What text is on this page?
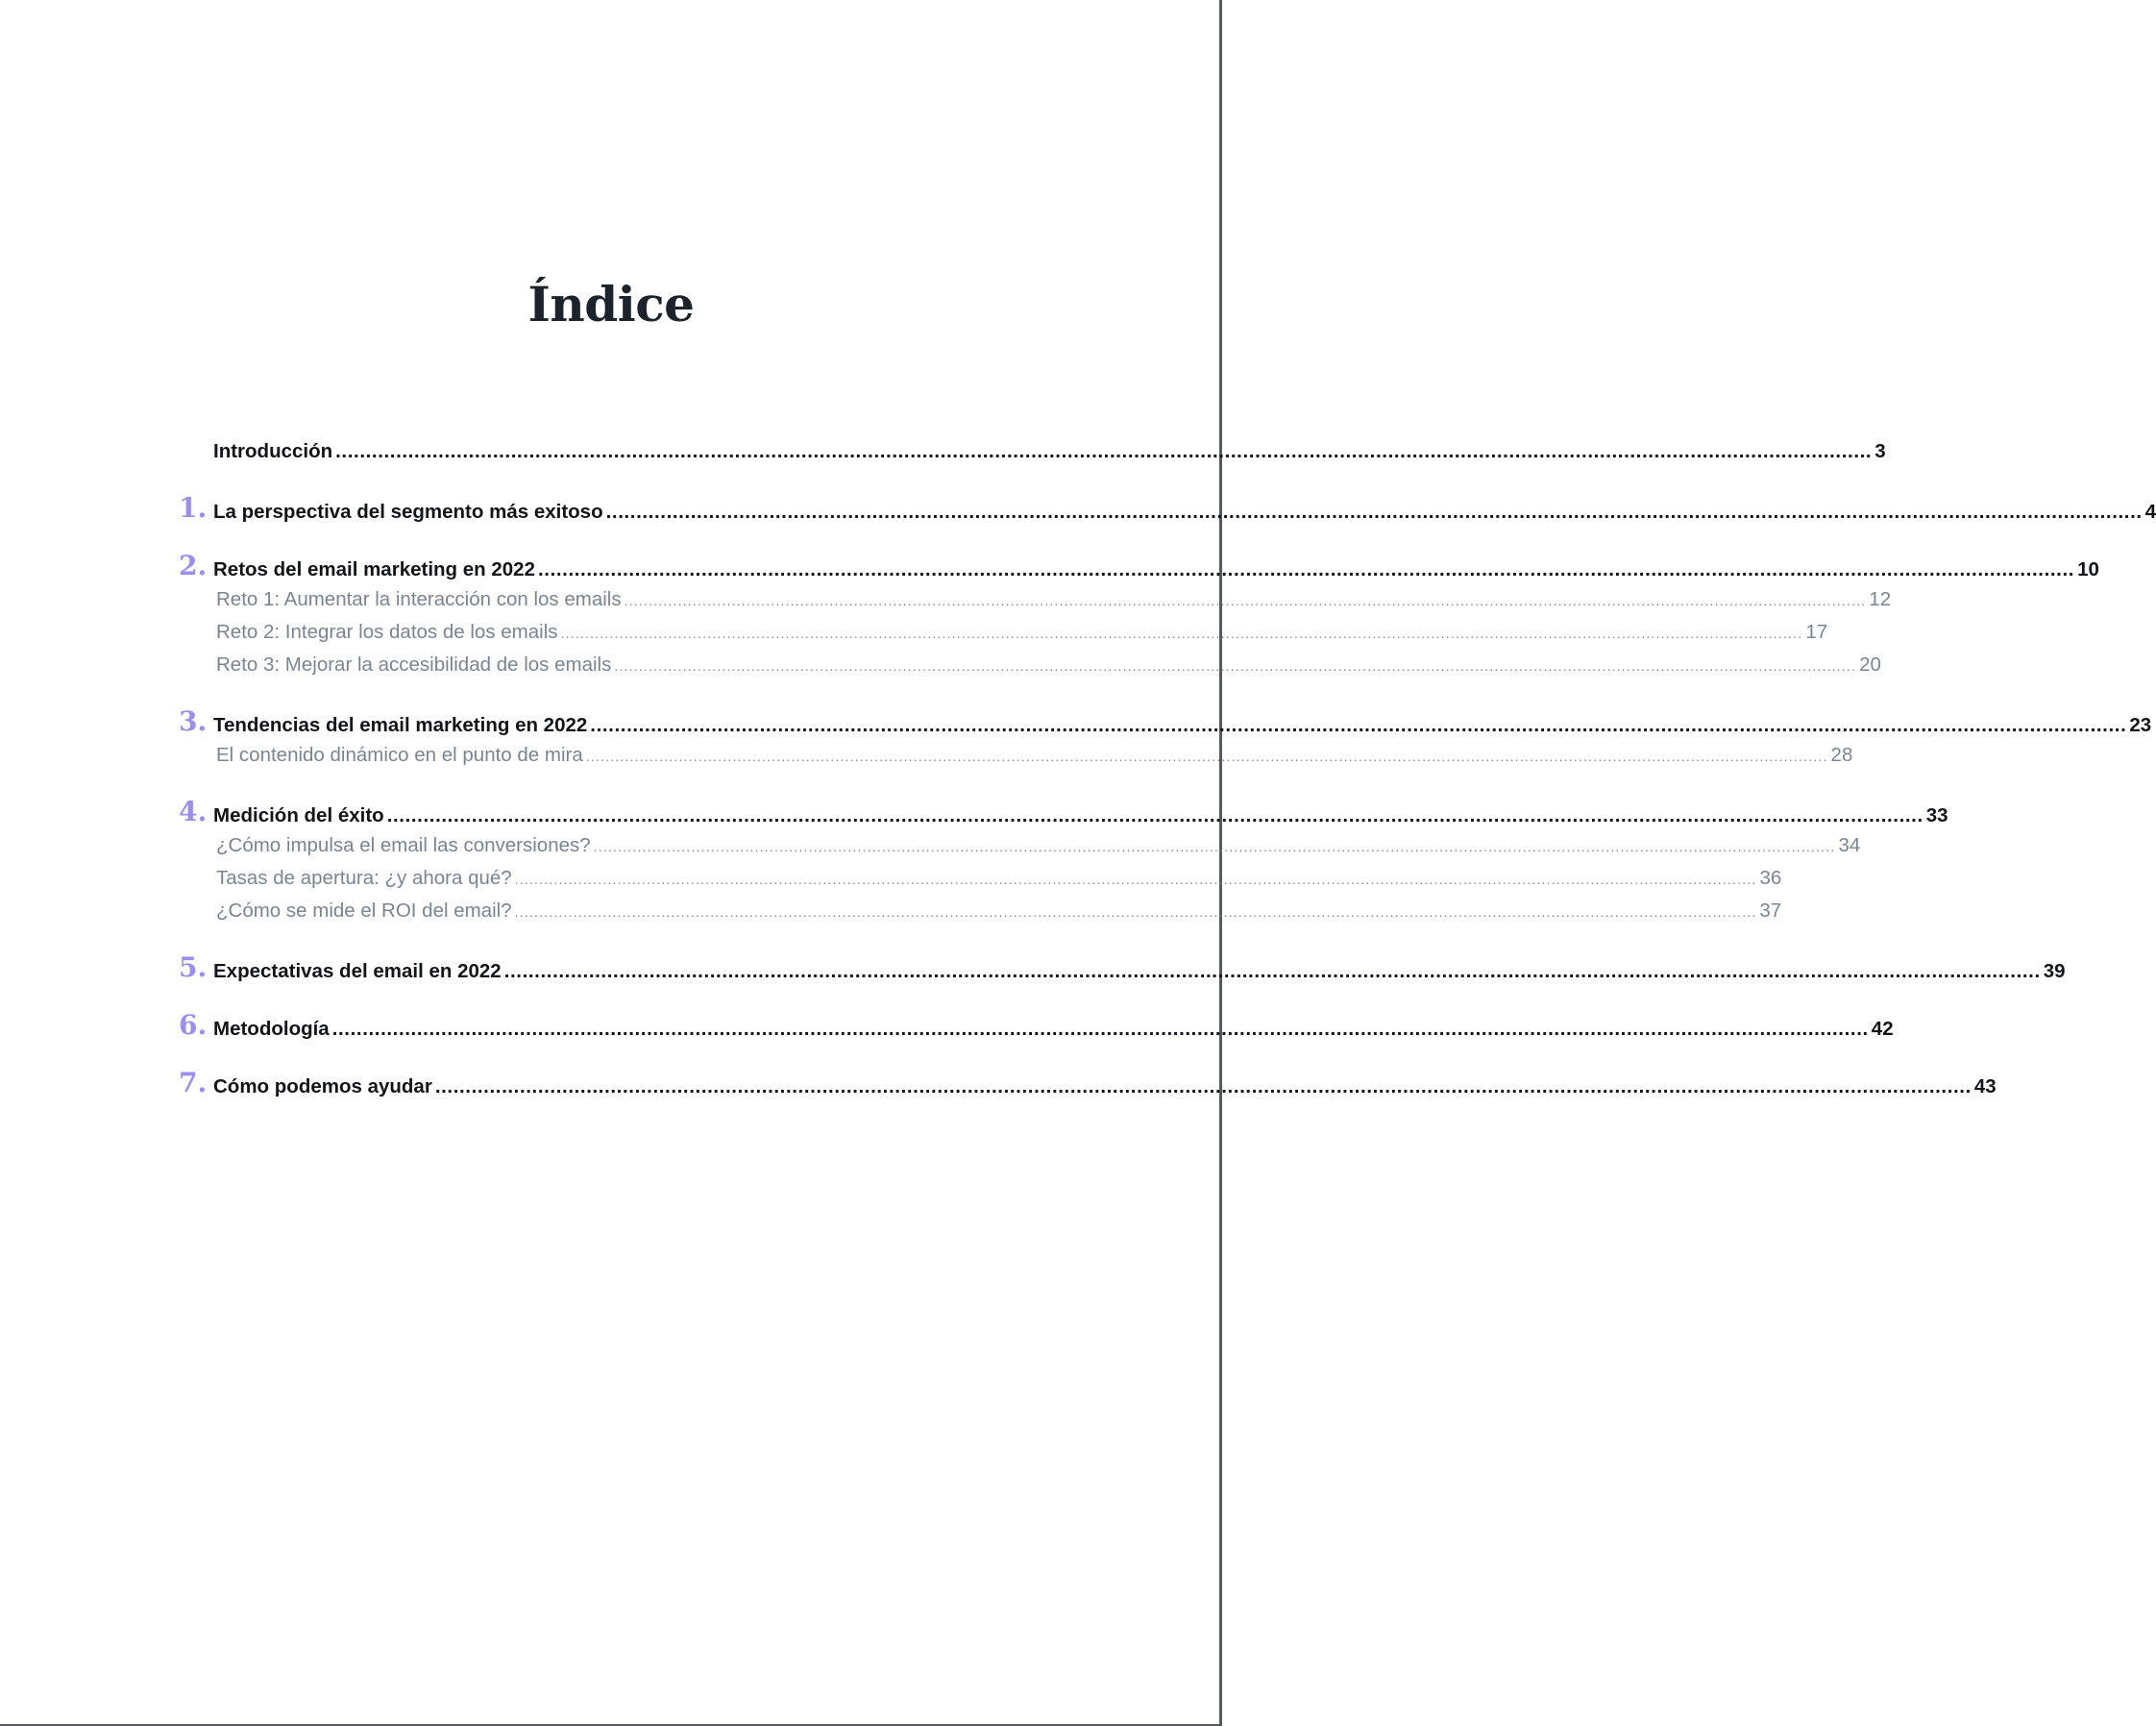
Índice
Introducción .............................................................................................................................................................................................................................................................. 3
1. La perspectiva del segmento más exitoso .............................................................................................................................................................................................................................................................. 4
2. Retos del email marketing en 2022 .............................................................................................................................................................................................................................................................. 10
Reto 1: Aumentar la interacción con los emails .............................................................................................................................................................................................................................................................. 12
Reto 2: Integrar los datos de los emails .............................................................................................................................................................................................................................................................. 17
Reto 3: Mejorar la accesibilidad de los emails .............................................................................................................................................................................................................................................................. 20
3. Tendencias del email marketing en 2022 .............................................................................................................................................................................................................................................................. 23
El contenido dinámico en el punto de mira .............................................................................................................................................................................................................................................................. 28
4. Medición del éxito .............................................................................................................................................................................................................................................................. 33
¿Cómo impulsa el email las conversiones? .............................................................................................................................................................................................................................................................. 34
Tasas de apertura: ¿y ahora qué? .............................................................................................................................................................................................................................................................. 36
¿Cómo se mide el ROI del email? .............................................................................................................................................................................................................................................................. 37
5. Expectativas del email en 2022 .............................................................................................................................................................................................................................................................. 39
6. Metodología .............................................................................................................................................................................................................................................................. 42
7. Cómo podemos ayudar .............................................................................................................................................................................................................................................................. 43
